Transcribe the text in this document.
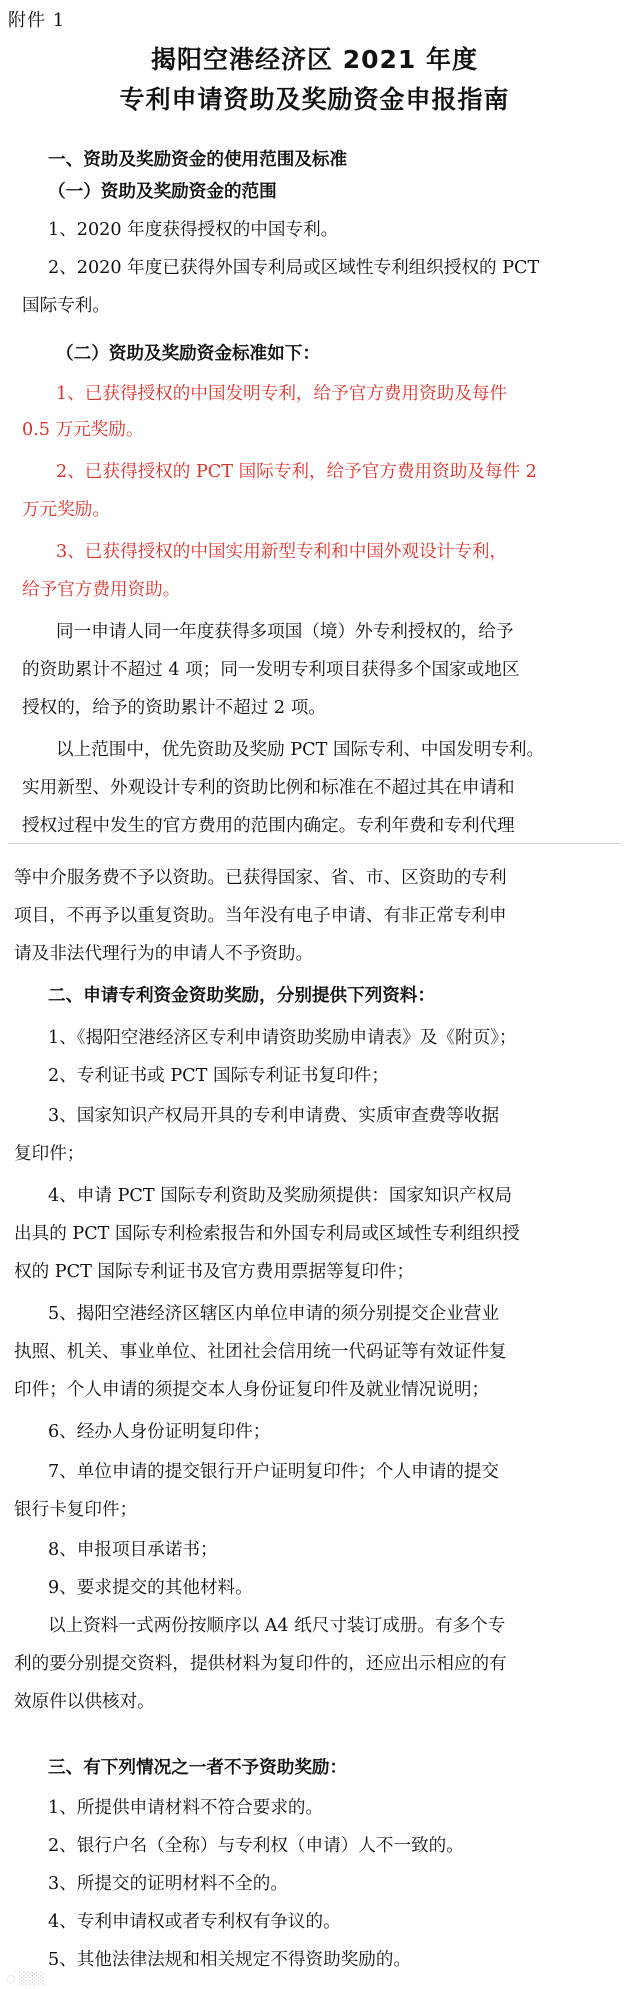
附件 1
揭阳空港经济区 2021 年度
专利申请资助及奖励资金申报指南
一、资助及奖励资金的使用范围及标准
（一）资助及奖励资金的范围
1、2020 年度获得授权的中国专利。
2、2020 年度已获得外国专利局或区域性专利组织授权的 PCT
国际专利。
（二）资助及奖励资金标准如下：
1、已获得授权的中国发明专利，给予官方费用资助及每件
0.5 万元奖励。
2、已获得授权的 PCT 国际专利，给予官方费用资助及每件 2
万元奖励。
3、已获得授权的中国实用新型专利和中国外观设计专利，
给予官方费用资助。
同一申请人同一年度获得多项国（境）外专利授权的，给予
的资助累计不超过 4 项；同一发明专利项目获得多个国家或地区
授权的，给予的资助累计不超过 2 项。
以上范围中，优先资助及奖励 PCT 国际专利、中国发明专利。
实用新型、外观设计专利的资助比例和标准在不超过其在申请和
授权过程中发生的官方费用的范围内确定。专利年费和专利代理
等中介服务费不予以资助。已获得国家、省、市、区资助的专利
项目，不再予以重复资助。当年没有电子申请、有非正常专利申
请及非法代理行为的申请人不予资助。
二、申请专利资金资助奖励，分别提供下列资料：
1、《揭阳空港经济区专利申请资助奖励申请表》及《附页》；
2、专利证书或 PCT 国际专利证书复印件；
3、国家知识产权局开具的专利申请费、实质审查费等收据
复印件；
4、申请 PCT 国际专利资助及奖励须提供：国家知识产权局
出具的 PCT 国际专利检索报告和外国专利局或区域性专利组织授
权的 PCT 国际专利证书及官方费用票据等复印件；
5、揭阳空港经济区辖区内单位申请的须分别提交企业营业
执照、机关、事业单位、社团社会信用统一代码证等有效证件复
印件；个人申请的须提交本人身份证复印件及就业情况说明；
6、经办人身份证明复印件；
7、单位申请的提交银行开户证明复印件；个人申请的提交
银行卡复印件；
8、申报项目承诺书；
9、要求提交的其他材料。
以上资料一式两份按顺序以 A4 纸尺寸装订成册。有多个专
利的要分别提交资料，提供材料为复印件的，还应出示相应的有
效原件以供核对。
三、有下列情况之一者不予资助奖励：
1、所提供申请材料不符合要求的。
2、银行户名（全称）与专利权（申请）人不一致的。
3、所提交的证明材料不全的。
4、专利申请权或者专利权有争议的。
5、其他法律法规和相关规定不得资助奖励的。
◌ ░░░
